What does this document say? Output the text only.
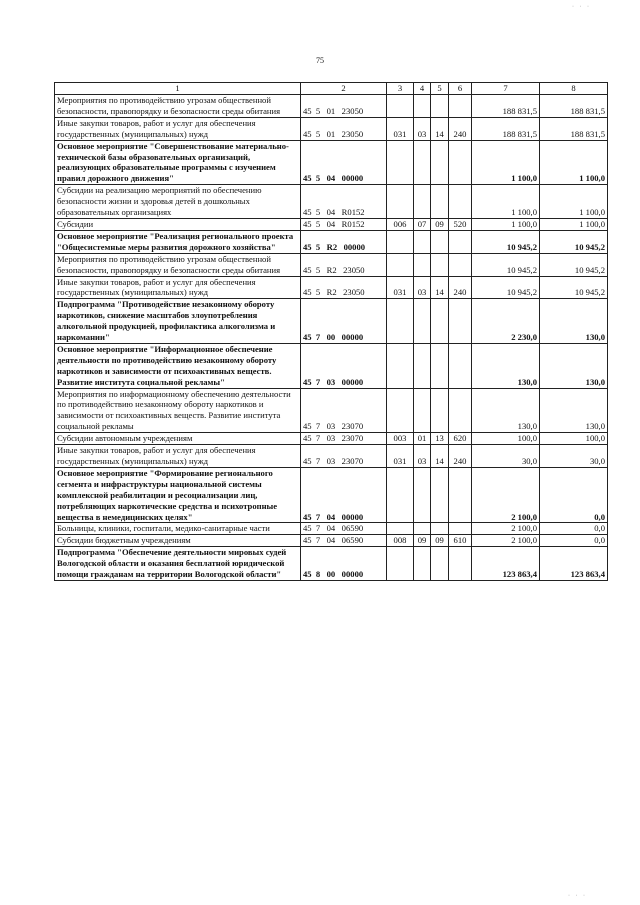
75
1	2	3	4	5	6	7	8
Мероприятия по противодействию угрозам общественной безопасности, правопорядку и безопасности среды обитания	45  5   01   23050					188 831,5	188 831,5
Иные закупки товаров, работ и услуг для обеспечения государственных (муниципальных) нужд	45  5   01   23050	031	03	14	240	188 831,5	188 831,5
Основное мероприятие "Совершенствование материально-технической базы образовательных организаций, реализующих образовательные программы с изучением правил дорожного движения"	45  5   04   00000					1 100,0	1 100,0
Субсидии на реализацию мероприятий по обеспечению безопасности жизни и здоровья детей в дошкольных образовательных организациях	45  5   04   R0152					1 100,0	1 100,0
Субсидии	45  5   04   R0152	006	07	09	520	1 100,0	1 100,0
Основное мероприятие "Реализация регионального проекта "Общесистемные меры развития дорожного хозяйства"	45  5   R2   00000					10 945,2	10 945,2
Мероприятия по противодействию угрозам общественной безопасности, правопорядку и безопасности среды обитания	45  5   R2   23050					10 945,2	10 945,2
Иные закупки товаров, работ и услуг для обеспечения государственных (муниципальных) нужд	45  5   R2   23050	031	03	14	240	10 945,2	10 945,2
Подпрограмма "Противодействие незаконному обороту наркотиков, снижение масштабов злоупотребления алкогольной продукцией, профилактика алкоголизма и наркомании"	45  7   00   00000					2 230,0	130,0
Основное мероприятие "Информационное обеспечение деятельности по противодействию незаконному обороту наркотиков и зависимости от психоактивных веществ. Развитие института социальной рекламы"	45  7   03   00000					130,0	130,0
Мероприятия по информационному обеспечению деятельности по противодействию незаконному обороту наркотиков и зависимости от психоактивных веществ. Развитие института социальной рекламы	45  7   03   23070					130,0	130,0
Субсидии автономным учреждениям	45  7   03   23070	003	01	13	620	100,0	100,0
Иные закупки товаров, работ и услуг для обеспечения государственных (муниципальных) нужд	45  7   03   23070	031	03	14	240	30,0	30,0
Основное мероприятие "Формирование регионального сегмента и инфраструктуры национальной системы комплексной реабилитации и ресоциализации лиц, потребляющих наркотические средства и психотропные вещества в немедицинских целях"	45  7   04   00000					2 100,0	0,0
Больницы, клиники, госпитали, медико-санитарные части	45  7   04   06590					2 100,0	0,0
Субсидии бюджетным учреждениям	45  7   04   06590	008	09	09	610	2 100,0	0,0
Подпрограмма "Обеспечение деятельности мировых судей Вологодской области и оказания бесплатной юридической помощи гражданам на территории Вологодской области"	45  8   00   00000					123 863,4	123 863,4
· · ·
· · ·
